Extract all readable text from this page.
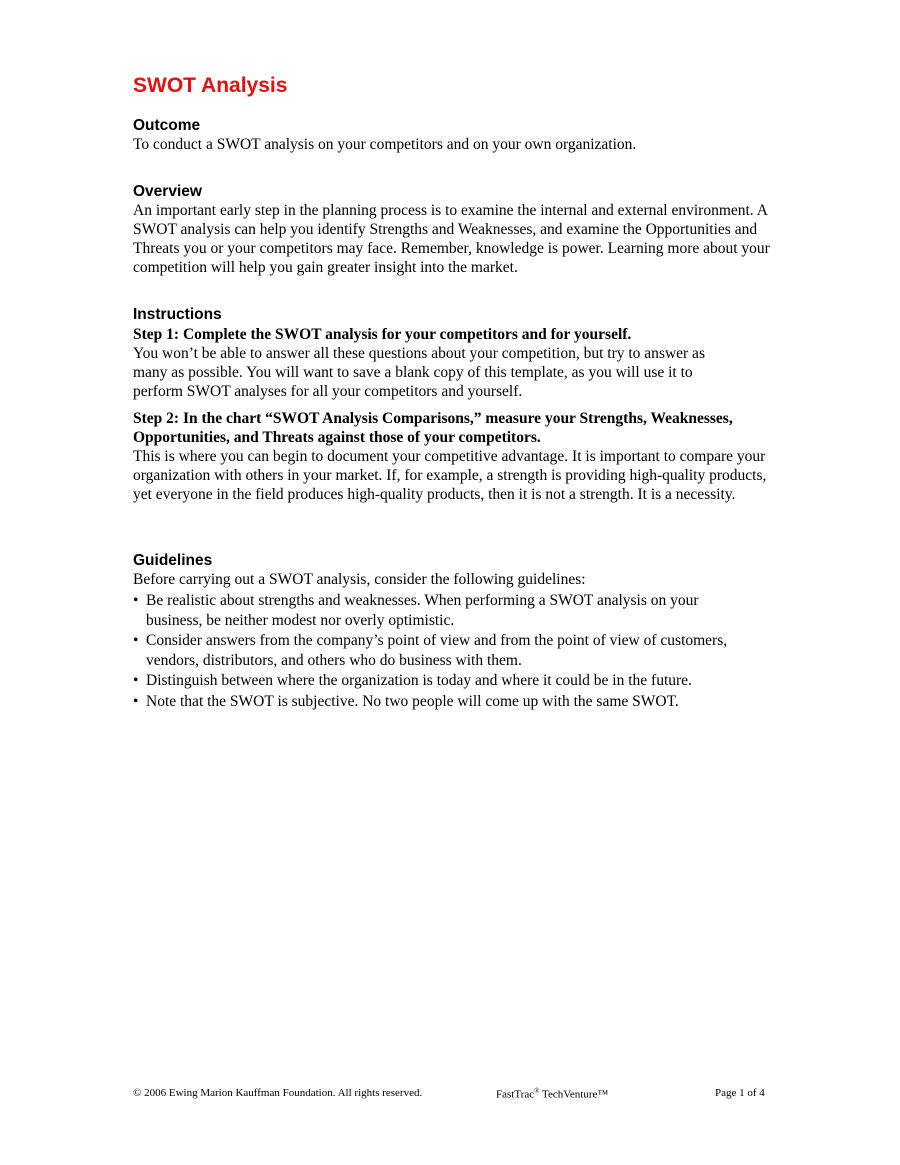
SWOT Analysis
Outcome

To conduct a SWOT analysis on your competitors and on your own organization.

Overview

An important early step in the planning process is to examine the internal and external environment. A SWOT analysis can help you identify Strengths and Weaknesses, and examine the Opportunities and Threats you or your competitors may face. Remember, knowledge is power. Learning more about your competition will help you gain greater insight into the market.

Instructions

Step 1: Complete the SWOT analysis for your competitors and for yourself.

You won’t be able to answer all these questions about your competition, but try to answer as many as possible. You will want to save a blank copy of this template, as you will use it to perform SWOT analyses for all your competitors and yourself.

Step 2: In the chart “SWOT Analysis Comparisons,” measure your Strengths, Weaknesses, Opportunities, and Threats against those of your competitors.

This is where you can begin to document your competitive advantage. It is important to compare your organization with others in your market. If, for example, a strength is providing high-quality products, yet everyone in the field produces high-quality products, then it is not a strength. It is a necessity.

Guidelines

Before carrying out a SWOT analysis, consider the following guidelines:

• Be realistic about strengths and weaknesses. When performing a SWOT analysis on your business, be neither modest nor overly optimistic.
• Consider answers from the company’s point of view and from the point of view of customers, vendors, distributors, and others who do business with them.
• Distinguish between where the organization is today and where it could be in the future.
• Note that the SWOT is subjective. No two people will come up with the same SWOT.
© 2006 Ewing Marion Kauffman Foundation. All rights reserved.	FastTrac® TechVenture™	Page 1 of 4
